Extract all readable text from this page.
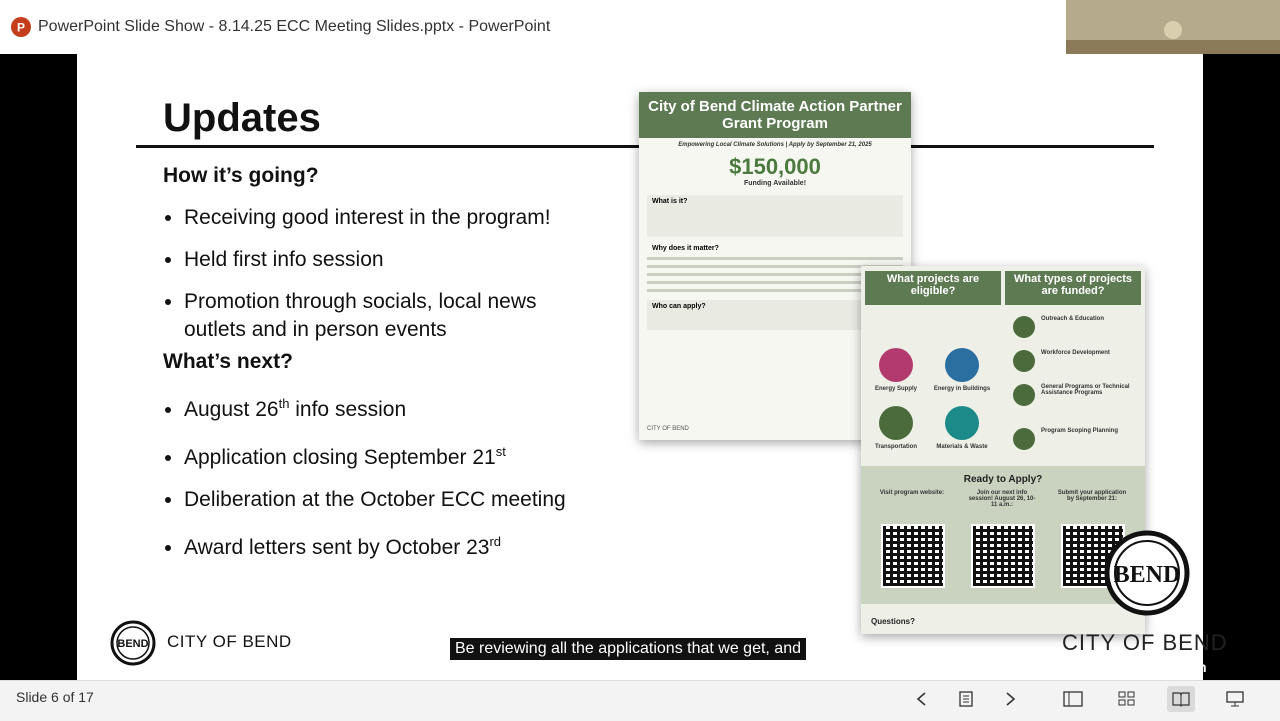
P PowerPoint Slide Show - 8.14.25 ECC Meeting Slides.pptx - PowerPoint
Updates
How it’s going?
• Receiving good interest in the program!
• Held first info session
• Promotion through socials, local news outlets and in person events
What’s next?
• August 26th info session
• Application closing September 21st
• Deliberation at the October ECC meeting
• Award letters sent by October 23rd
City of Bend Climate Action Partner Grant Program
Empowering Local Climate Solutions | Apply by September 21, 2025
$150,000
Funding Available!
What is it?
Why does it matter?
Who can apply?
CITY OF BEND
What projects are eligible?
What types of projects are funded?
Energy Supply	Energy in Buildings
Transportation	Materials & Waste
Outreach & Education
Workforce Development
General Programs or Technical Assistance Programs
Program Scoping Planning
Ready to Apply?
Visit program website:	Join our next info session! August 26, 10-11 a.m.:
Submit your application by September 21:
Questions?
BEND CITY OF BEND	Be reviewing all the applications that we get, and
BEND
CITY OF BEND
Powered by Zoom
Slide 6 of 17
